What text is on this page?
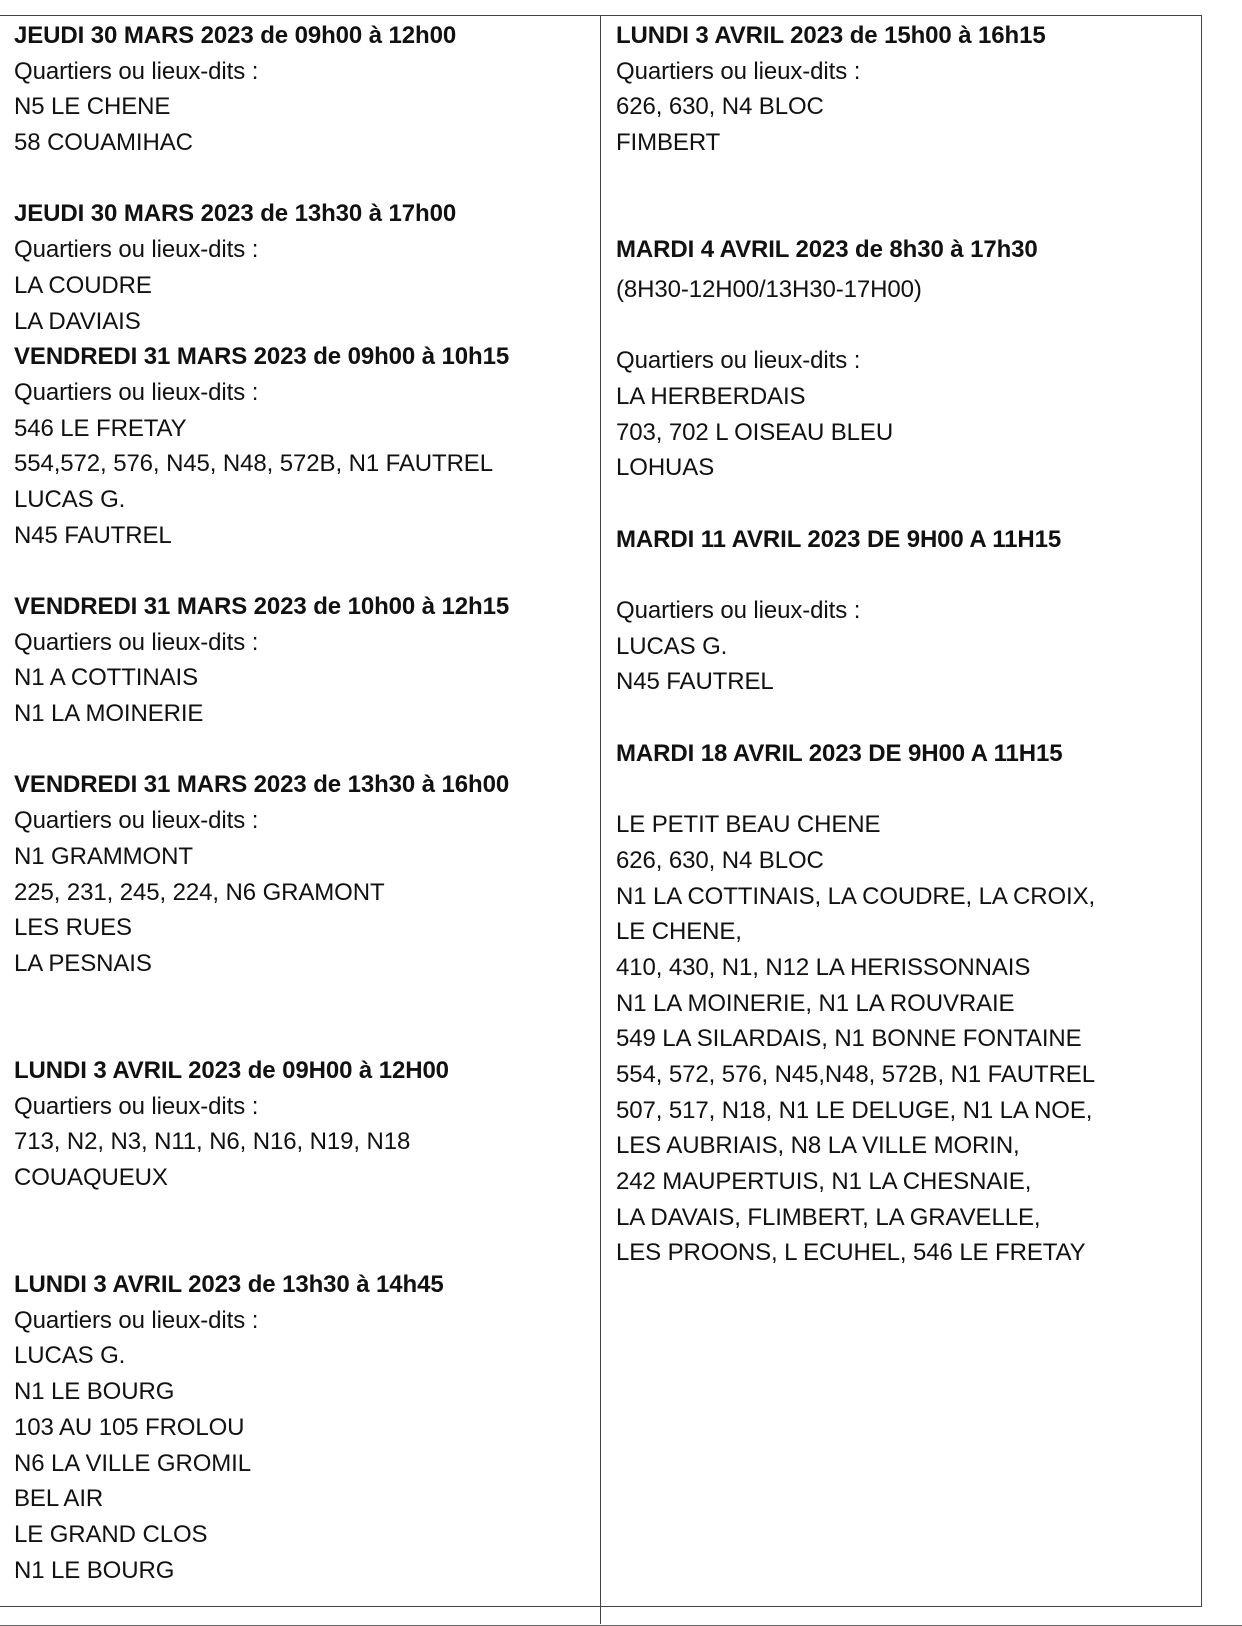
JEUDI 30 MARS 2023 de 09h00 à 12h00
Quartiers ou lieux-dits :
N5 LE CHENE
58 COUAMIHAC
JEUDI 30 MARS 2023 de 13h30 à 17h00
Quartiers ou lieux-dits :
LA COUDRE
LA DAVIAIS
VENDREDI 31 MARS 2023 de 09h00 à 10h15
Quartiers ou lieux-dits :
546 LE FRETAY
554,572, 576, N45, N48, 572B, N1 FAUTREL
LUCAS G.
N45 FAUTREL
VENDREDI 31 MARS 2023 de 10h00 à 12h15
Quartiers ou lieux-dits :
N1 A COTTINAIS
N1 LA MOINERIE
VENDREDI 31 MARS 2023 de 13h30 à 16h00
Quartiers ou lieux-dits :
N1 GRAMMONT
225, 231, 245, 224, N6 GRAMONT
LES RUES
LA PESNAIS
LUNDI 3 AVRIL 2023 de 09H00 à 12H00
Quartiers ou lieux-dits :
713, N2, N3, N11, N6, N16, N19, N18
COUAQUEUX
LUNDI 3 AVRIL 2023 de 13h30 à 14h45
Quartiers ou lieux-dits :
LUCAS G.
N1 LE BOURG
103 AU 105 FROLOU
N6 LA VILLE GROMIL
BEL AIR
LE GRAND CLOS
N1 LE BOURG
LUNDI 3 AVRIL 2023 de 15h00 à 16h15
Quartiers ou lieux-dits :
626, 630, N4 BLOC
FIMBERT
MARDI 4 AVRIL 2023 de 8h30 à 17h30
(8H30-12H00/13H30-17H00)
Quartiers ou lieux-dits :
LA HERBERDAIS
703, 702 L OISEAU BLEU
LOHUAS
MARDI 11 AVRIL 2023 DE 9H00 A 11H15
Quartiers ou lieux-dits :
LUCAS G.
N45 FAUTREL
MARDI 18 AVRIL 2023 DE 9H00 A 11H15
LE PETIT BEAU CHENE
626, 630, N4 BLOC
N1 LA COTTINAIS, LA COUDRE, LA CROIX,
LE CHENE,
410, 430, N1, N12 LA HERISSONNAIS
N1 LA MOINERIE, N1 LA ROUVRAIE
549 LA SILARDAIS, N1 BONNE FONTAINE
554, 572, 576, N45,N48, 572B, N1 FAUTREL
507, 517, N18, N1 LE DELUGE, N1 LA NOE,
LES AUBRIAIS, N8 LA VILLE MORIN,
242 MAUPERTUIS, N1 LA CHESNAIE,
LA DAVAIS, FLIMBERT, LA GRAVELLE,
LES PROONS, L ECUHEL, 546 LE FRETAY
